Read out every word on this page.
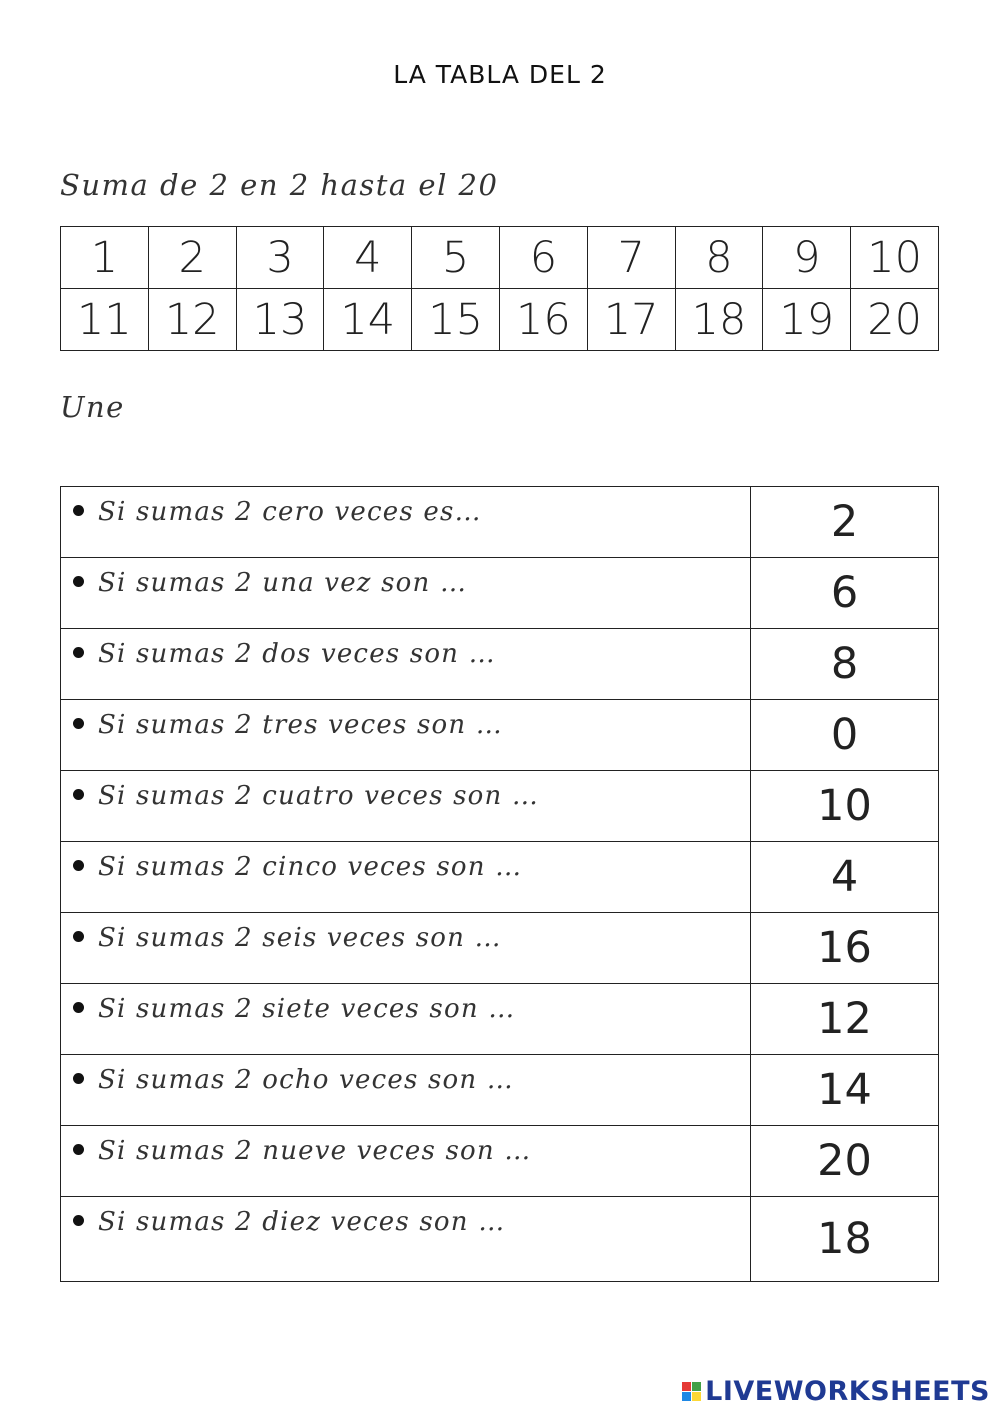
LA TABLA DEL 2
Suma de 2 en 2 hasta el 20
1	2	3	4	5	6	7	8	9	10
11	12	13	14	15	16	17	18	19	20
Une
Si sumas 2 cero veces es…	2
Si sumas 2 una vez son …	6
Si sumas 2 dos veces son …	8
Si sumas 2 tres veces son …	0
Si sumas 2 cuatro veces son …	10
Si sumas 2 cinco veces son …	4
Si sumas 2 seis veces son …	16
Si sumas 2 siete veces son …	12
Si sumas 2 ocho veces son …	14
Si sumas 2 nueve veces son …	20
Si sumas 2 diez veces son …	18
LIVEWORKSHEETS
